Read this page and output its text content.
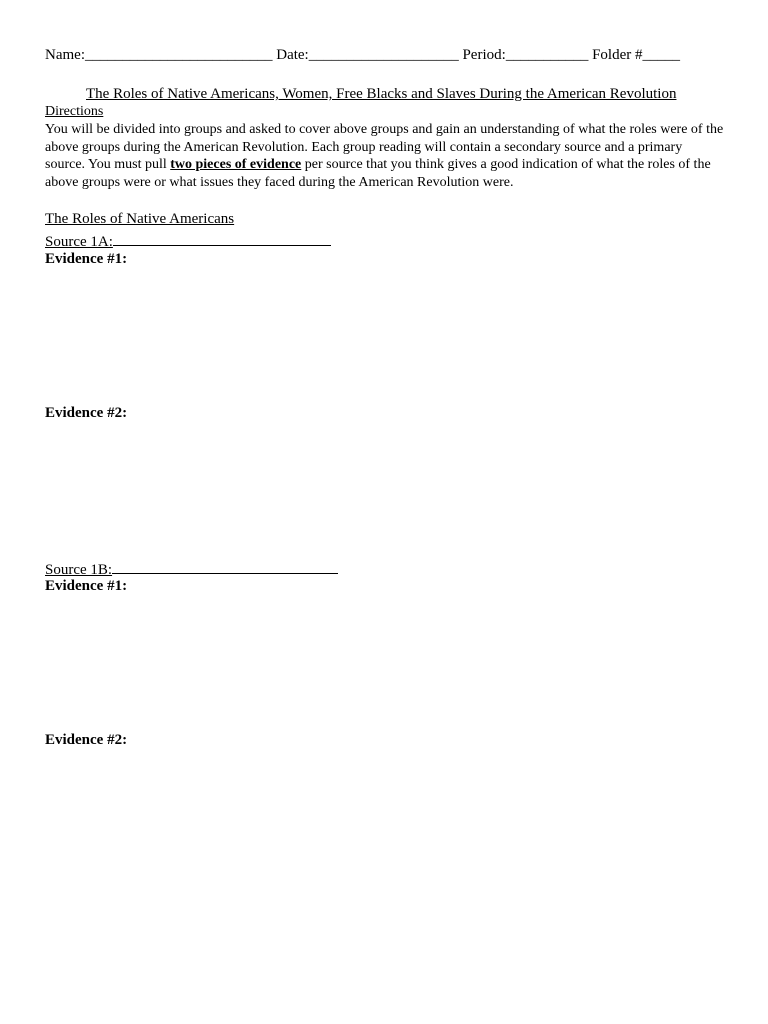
Name:_________________________ Date:____________________ Period:___________ Folder #_____
The Roles of Native Americans, Women, Free Blacks and Slaves During the American Revolution
Directions
You will be divided into groups and asked to cover above groups and gain an understanding of what the roles were of the above groups during the American Revolution. Each group reading will contain a secondary source and a primary source. You must pull two pieces of evidence per source that you think gives a good indication of what the roles of the above groups were or what issues they faced during the American Revolution were.
The Roles of Native Americans
Source 1A:
Evidence #1:
Evidence #2:
Source 1B:
Evidence #1:
Evidence #2:
